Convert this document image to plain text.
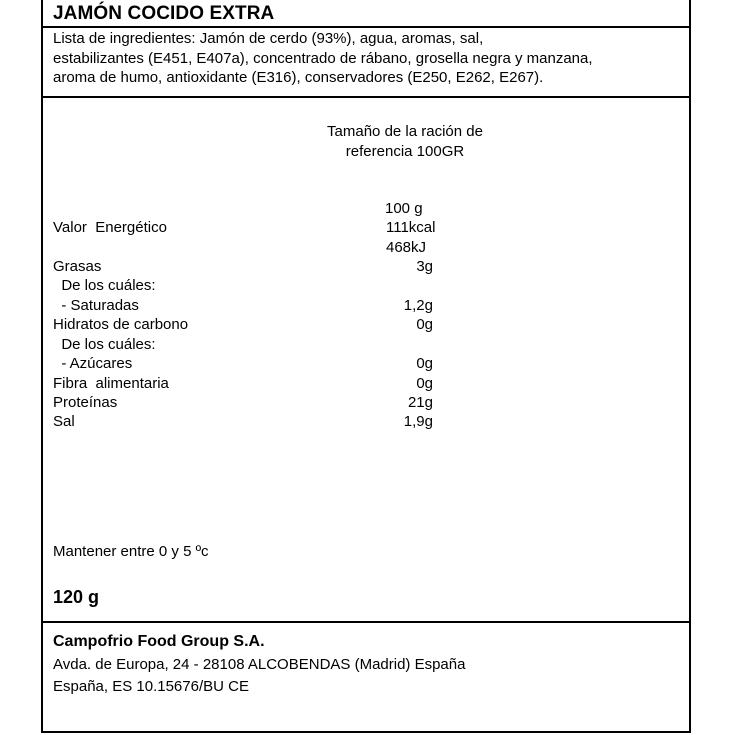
JAMÓN COCIDO EXTRA
Lista de ingredientes: Jamón de cerdo (93%), agua, aromas, sal,
estabilizantes (E451, E407a), concentrado de rábano, grosella negra y manzana,
aroma de humo, antioxidante (E316), conservadores (E250, E262, E267).
Tamaño de la ración de
referencia 100GR
100 g
Valor  Energético	111kcal
468kJ
Grasas	3g
De los cuáles:
- Saturadas	1,2g
Hidratos de carbono	0g
De los cuáles:
- Azúcares	0g
Fibra  alimentaria	0g
Proteínas	21g
Sal	1,9g
Mantener entre 0 y 5 ºc
120 g
Campofrio Food Group S.A.
Avda. de Europa, 24 - 28108 ALCOBENDAS (Madrid) España
España, ES 10.15676/BU CE
